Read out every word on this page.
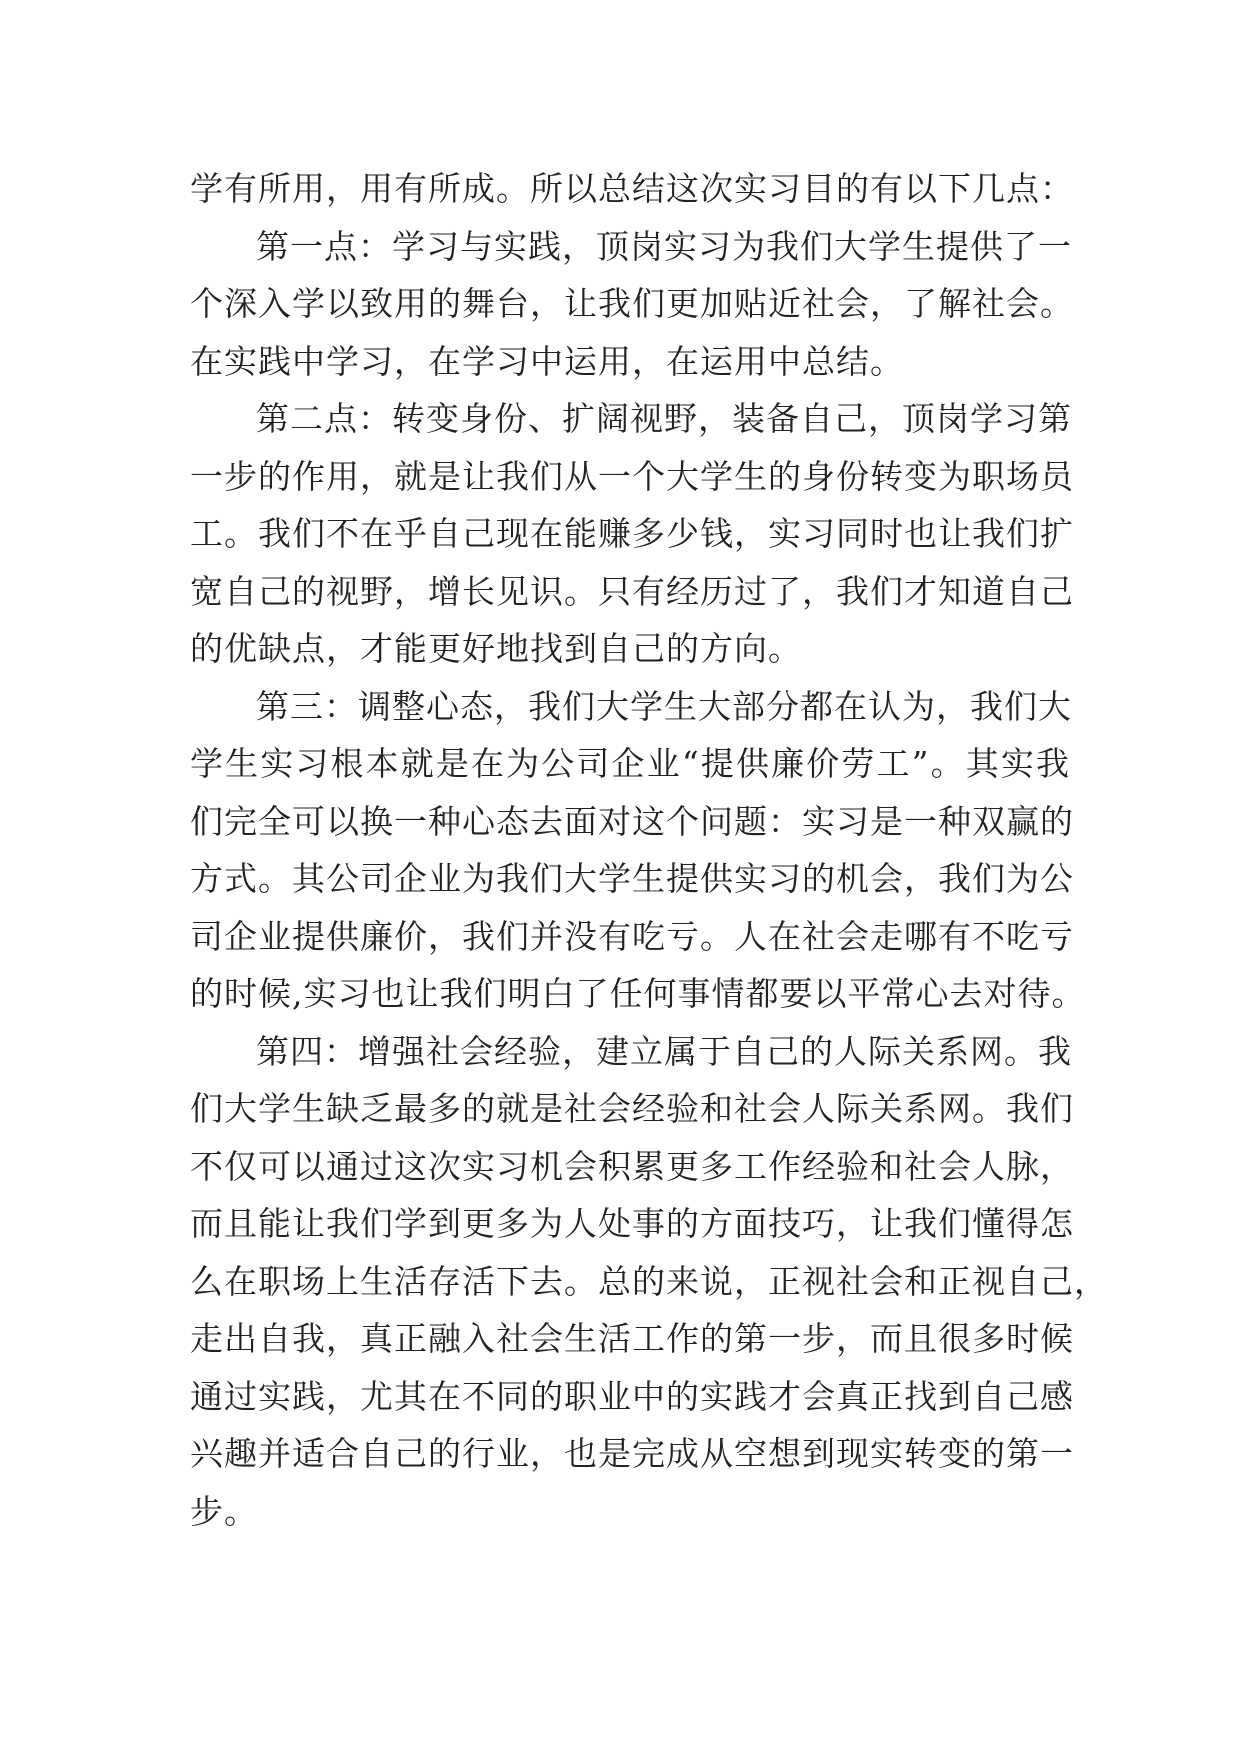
学有所用，用有所成。所以总结这次实习目的有以下几点：
第一点：学习与实践，顶岗实习为我们大学生提供了一
个深入学以致用的舞台，让我们更加贴近社会，了解社会。
在实践中学习，在学习中运用，在运用中总结。
第二点：转变身份、扩阔视野，装备自己，顶岗学习第
一步的作用，就是让我们从一个大学生的身份转变为职场员
工。我们不在乎自己现在能赚多少钱，实习同时也让我们扩
宽自己的视野，增长见识。只有经历过了，我们才知道自己
的优缺点，才能更好地找到自己的方向。
第三：调整心态，我们大学生大部分都在认为，我们大
学生实习根本就是在为公司企业“提供廉价劳工”。其实我
们完全可以换一种心态去面对这个问题：实习是一种双赢的
方式。其公司企业为我们大学生提供实习的机会，我们为公
司企业提供廉价，我们并没有吃亏。人在社会走哪有不吃亏
的时候,实习也让我们明白了任何事情都要以平常心去对待。
第四：增强社会经验，建立属于自己的人际关系网。我
们大学生缺乏最多的就是社会经验和社会人际关系网。我们
不仅可以通过这次实习机会积累更多工作经验和社会人脉，
而且能让我们学到更多为人处事的方面技巧，让我们懂得怎
么在职场上生活存活下去。总的来说，正视社会和正视自己，
走出自我，真正融入社会生活工作的第一步，而且很多时候
通过实践，尤其在不同的职业中的实践才会真正找到自己感
兴趣并适合自己的行业，也是完成从空想到现实转变的第一
步。
